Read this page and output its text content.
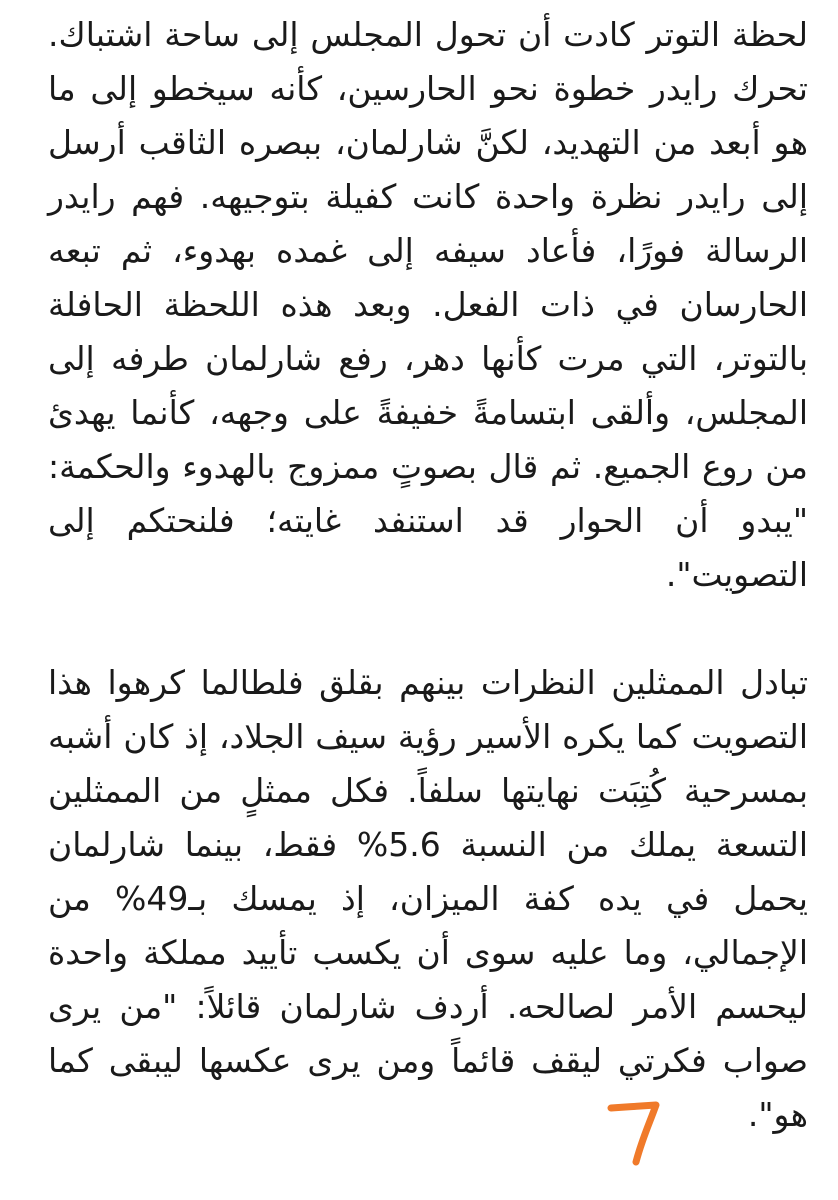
لحظة التوتر كادت أن تحول المجلس إلى ساحة اشتباك. تحرك رايدر خطوة نحو الحارسين، كأنه سيخطو إلى ما هو أبعد من التهديد، لكنَّ شارلمان، ببصره الثاقب أرسل إلى رايدر نظرة واحدة كانت كفيلة بتوجيهه. فهم رايدر الرسالة فورًا، فأعاد سيفه إلى غمده بهدوء، ثم تبعه الحارسان في ذات الفعل. وبعد هذه اللحظة الحافلة بالتوتر، التي مرت كأنها دهر، رفع شارلمان طرفه إلى المجلس، وألقى ابتسامةً خفيفةً على وجهه، كأنما يهدئ من روع الجميع. ثم قال بصوتٍ ممزوج بالهدوء والحكمة: "يبدو أن الحوار قد استنفد غايته؛ فلنحتكم إلى التصويت".

تبادل الممثلين النظرات بينهم بقلق فلطالما كرهوا هذا التصويت كما يكره الأسير رؤية سيف الجلاد، إذ كان أشبه بمسرحية كُتِبَت نهايتها سلفاً. فكل ممثلٍ من الممثلين التسعة يملك من النسبة 5.6% فقط، بينما شارلمان يحمل في يده كفة الميزان، إذ يمسك بـ49% من الإجمالي، وما عليه سوى أن يكسب تأييد مملكة واحدة ليحسم الأمر لصالحه. أردف شارلمان قائلاً: "من يرى صواب فكرتي ليقف قائماً ومن يرى عكسها ليبقى كما هو".
